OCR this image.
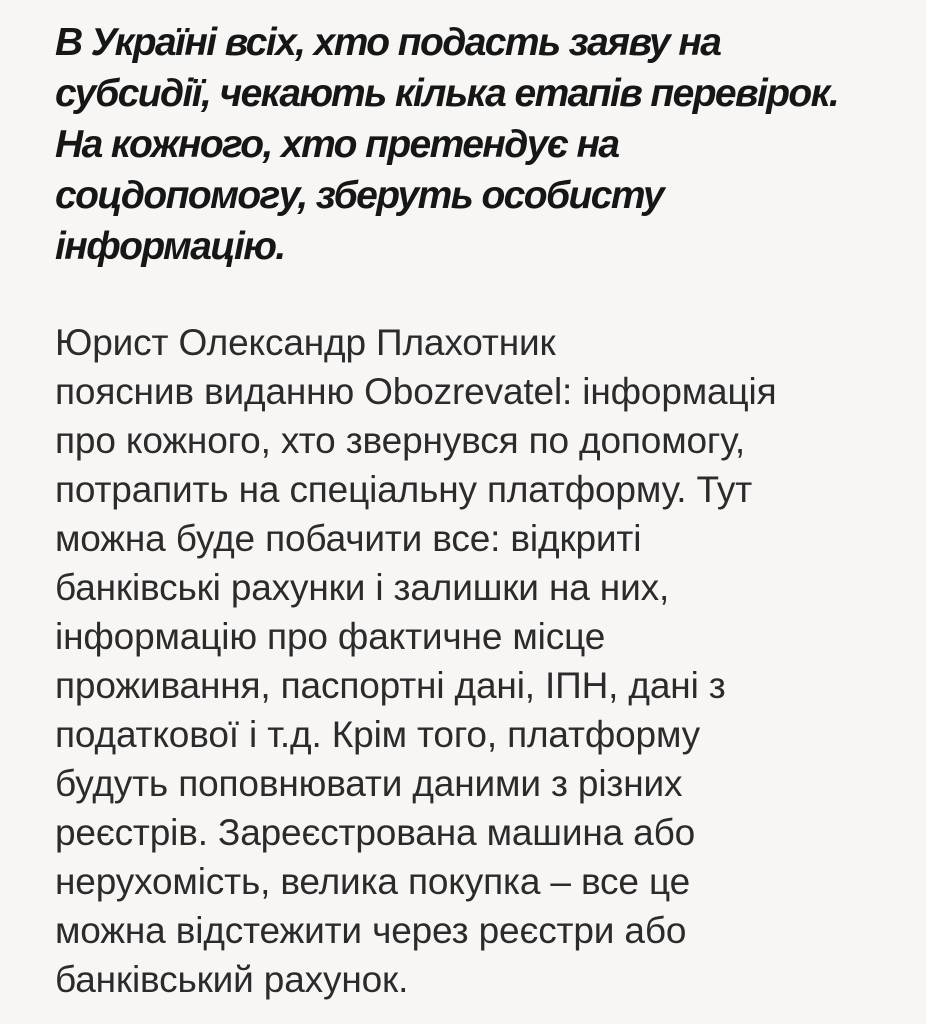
В Україні всіх, хто подасть заяву на
субсидії, чекають кілька етапів перевірок.
На кожного, хто претендує на
соцдопомогу, зберуть особисту
інформацію.

Юрист Олександр Плахотник
пояснив виданню Obozrevatel: інформація
про кожного, хто звернувся по допомогу,
потрапить на спеціальну платформу. Тут
можна буде побачити все: відкриті
банківські рахунки і залишки на них,
інформацію про фактичне місце
проживання, паспортні дані, ІПН, дані з
податкової і т.д. Крім того, платформу
будуть поповнювати даними з різних
реєстрів. Зареєстрована машина або
нерухомість, велика покупка – все це
можна відстежити через реєстри або
банківський рахунок.
